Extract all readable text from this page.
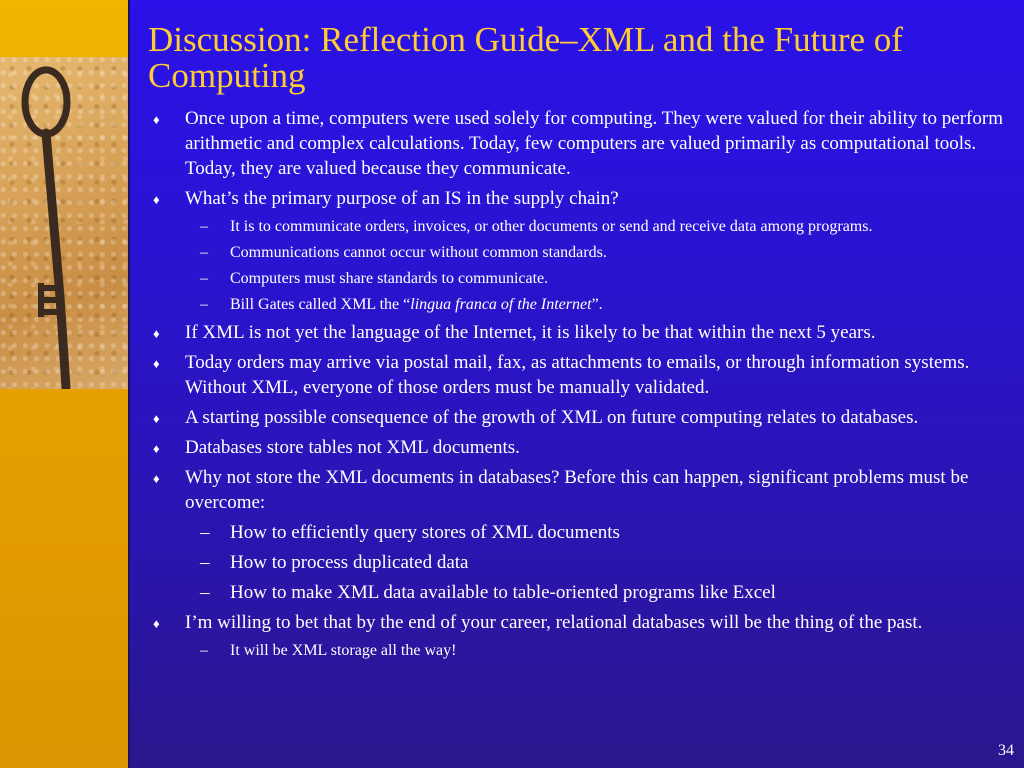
Discussion: Reflection Guide–XML and the Future of Computing
♦ Once upon a time, computers were used solely for computing. They were valued for their ability to perform arithmetic and complex calculations. Today, few computers are valued primarily as computational tools. Today, they are valued because they communicate.
♦ What’s the primary purpose of an IS in the supply chain?
– It is to communicate orders, invoices, or other documents or send and receive data among programs.
– Communications cannot occur without common standards.
– Computers must share standards to communicate.
– Bill Gates called XML the “lingua franca of the Internet”.
♦ If XML is not yet the language of the Internet, it is likely to be that within the next 5 years.
♦ Today orders may arrive via postal mail, fax, as attachments to emails, or through information systems. Without XML, everyone of those orders must be manually validated.
♦ A starting possible consequence of the growth of XML on future computing relates to databases.
♦ Databases store tables not XML documents.
♦ Why not store the XML documents in databases? Before this can happen, significant problems must be overcome:
– How to efficiently query stores of XML documents
– How to process duplicated data
– How to make XML data available to table-oriented programs like Excel
♦ I’m willing to bet that by the end of your career, relational databases will be the thing of the past.
– It will be XML storage all the way!
34
